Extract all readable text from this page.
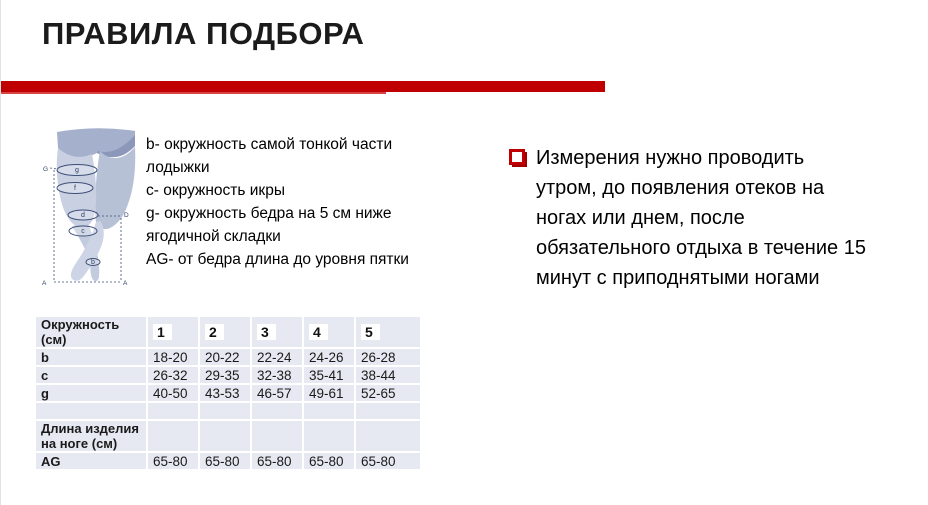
ПРАВИЛА ПОДБОРА
g
f
d
c
b
G
D
A	A
b- окружность самой тонкой части лодыжки
c- окружность икры
g- окружность бедра на 5 см ниже ягодичной складки
AG- от бедра длина до уровня пятки
Измерения нужно проводить
утром, до появления отеков на
ногах или днем, после
обязательного отдыха в течение 15
минут с приподнятыми ногами
Окружность (см)	1	2	3	4	5
b	18-20	20-22	22-24	24-26	26-28
c	26-32	29-35	32-38	35-41	38-44
g	40-50	43-53	46-57	49-61	52-65

Длина изделия на ноге (см)					
AG	65-80	65-80	65-80	65-80	65-80
